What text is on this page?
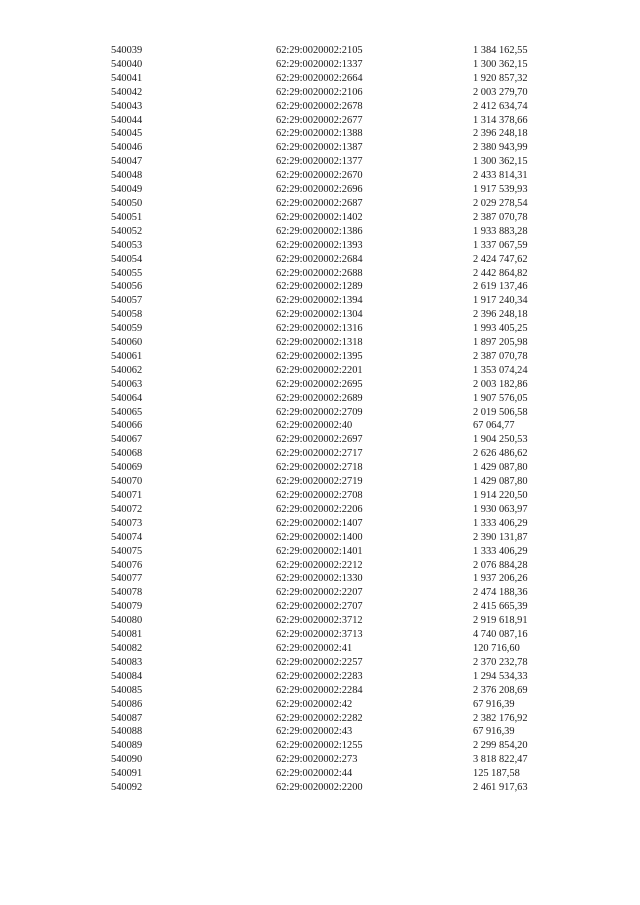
540039	62:29:0020002:2105	1 384 162,55
540040	62:29:0020002:1337	1 300 362,15
540041	62:29:0020002:2664	1 920 857,32
540042	62:29:0020002:2106	2 003 279,70
540043	62:29:0020002:2678	2 412 634,74
540044	62:29:0020002:2677	1 314 378,66
540045	62:29:0020002:1388	2 396 248,18
540046	62:29:0020002:1387	2 380 943,99
540047	62:29:0020002:1377	1 300 362,15
540048	62:29:0020002:2670	2 433 814,31
540049	62:29:0020002:2696	1 917 539,93
540050	62:29:0020002:2687	2 029 278,54
540051	62:29:0020002:1402	2 387 070,78
540052	62:29:0020002:1386	1 933 883,28
540053	62:29:0020002:1393	1 337 067,59
540054	62:29:0020002:2684	2 424 747,62
540055	62:29:0020002:2688	2 442 864,82
540056	62:29:0020002:1289	2 619 137,46
540057	62:29:0020002:1394	1 917 240,34
540058	62:29:0020002:1304	2 396 248,18
540059	62:29:0020002:1316	1 993 405,25
540060	62:29:0020002:1318	1 897 205,98
540061	62:29:0020002:1395	2 387 070,78
540062	62:29:0020002:2201	1 353 074,24
540063	62:29:0020002:2695	2 003 182,86
540064	62:29:0020002:2689	1 907 576,05
540065	62:29:0020002:2709	2 019 506,58
540066	62:29:0020002:40	67 064,77
540067	62:29:0020002:2697	1 904 250,53
540068	62:29:0020002:2717	2 626 486,62
540069	62:29:0020002:2718	1 429 087,80
540070	62:29:0020002:2719	1 429 087,80
540071	62:29:0020002:2708	1 914 220,50
540072	62:29:0020002:2206	1 930 063,97
540073	62:29:0020002:1407	1 333 406,29
540074	62:29:0020002:1400	2 390 131,87
540075	62:29:0020002:1401	1 333 406,29
540076	62:29:0020002:2212	2 076 884,28
540077	62:29:0020002:1330	1 937 206,26
540078	62:29:0020002:2207	2 474 188,36
540079	62:29:0020002:2707	2 415 665,39
540080	62:29:0020002:3712	2 919 618,91
540081	62:29:0020002:3713	4 740 087,16
540082	62:29:0020002:41	120 716,60
540083	62:29:0020002:2257	2 370 232,78
540084	62:29:0020002:2283	1 294 534,33
540085	62:29:0020002:2284	2 376 208,69
540086	62:29:0020002:42	67 916,39
540087	62:29:0020002:2282	2 382 176,92
540088	62:29:0020002:43	67 916,39
540089	62:29:0020002:1255	2 299 854,20
540090	62:29:0020002:273	3 818 822,47
540091	62:29:0020002:44	125 187,58
540092	62:29:0020002:2200	2 461 917,63
